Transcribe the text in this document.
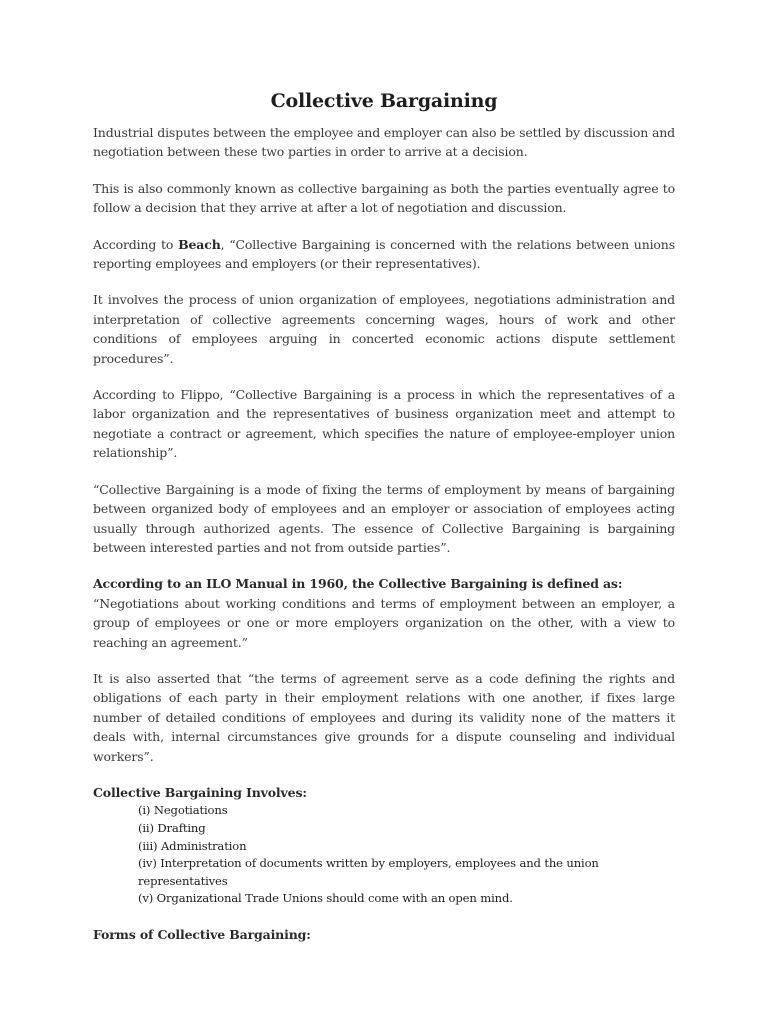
Collective Bargaining

Industrial disputes between the employee and employer can also be settled by discussion and negotiation between these two parties in order to arrive at a decision.

This is also commonly known as collective bargaining as both the parties eventually agree to follow a decision that they arrive at after a lot of negotiation and discussion.

According to Beach, “Collective Bargaining is concerned with the relations between unions reporting employees and employers (or their representatives).

It involves the process of union organization of employees, negotiations administration and interpretation of collective agreements concerning wages, hours of work and other conditions of employees arguing in concerted economic actions dispute settlement procedures”.

According to Flippo, “Collective Bargaining is a process in which the representatives of a labor organization and the representatives of business organization meet and attempt to negotiate a contract or agreement, which specifies the nature of employee-employer union relationship”.

“Collective Bargaining is a mode of fixing the terms of employment by means of bargaining between organized body of employees and an employer or association of employees acting usually through authorized agents. The essence of Collective Bargaining is bargaining between interested parties and not from outside parties”.

According to an ILO Manual in 1960, the Collective Bargaining is defined as:

“Negotiations about working conditions and terms of employment between an employer, a group of employees or one or more employers organization on the other, with a view to reaching an agreement.”

It is also asserted that “the terms of agreement serve as a code defining the rights and obligations of each party in their employment relations with one another, if fixes large number of detailed conditions of employees and during its validity none of the matters it deals with, internal circumstances give grounds for a dispute counseling and individual workers”.

Collective Bargaining Involves:
(i) Negotiations
(ii) Drafting
(iii) Administration
(iv) Interpretation of documents written by employers, employees and the union representatives
(v) Organizational Trade Unions should come with an open mind.
Forms of Collective Bargaining:
